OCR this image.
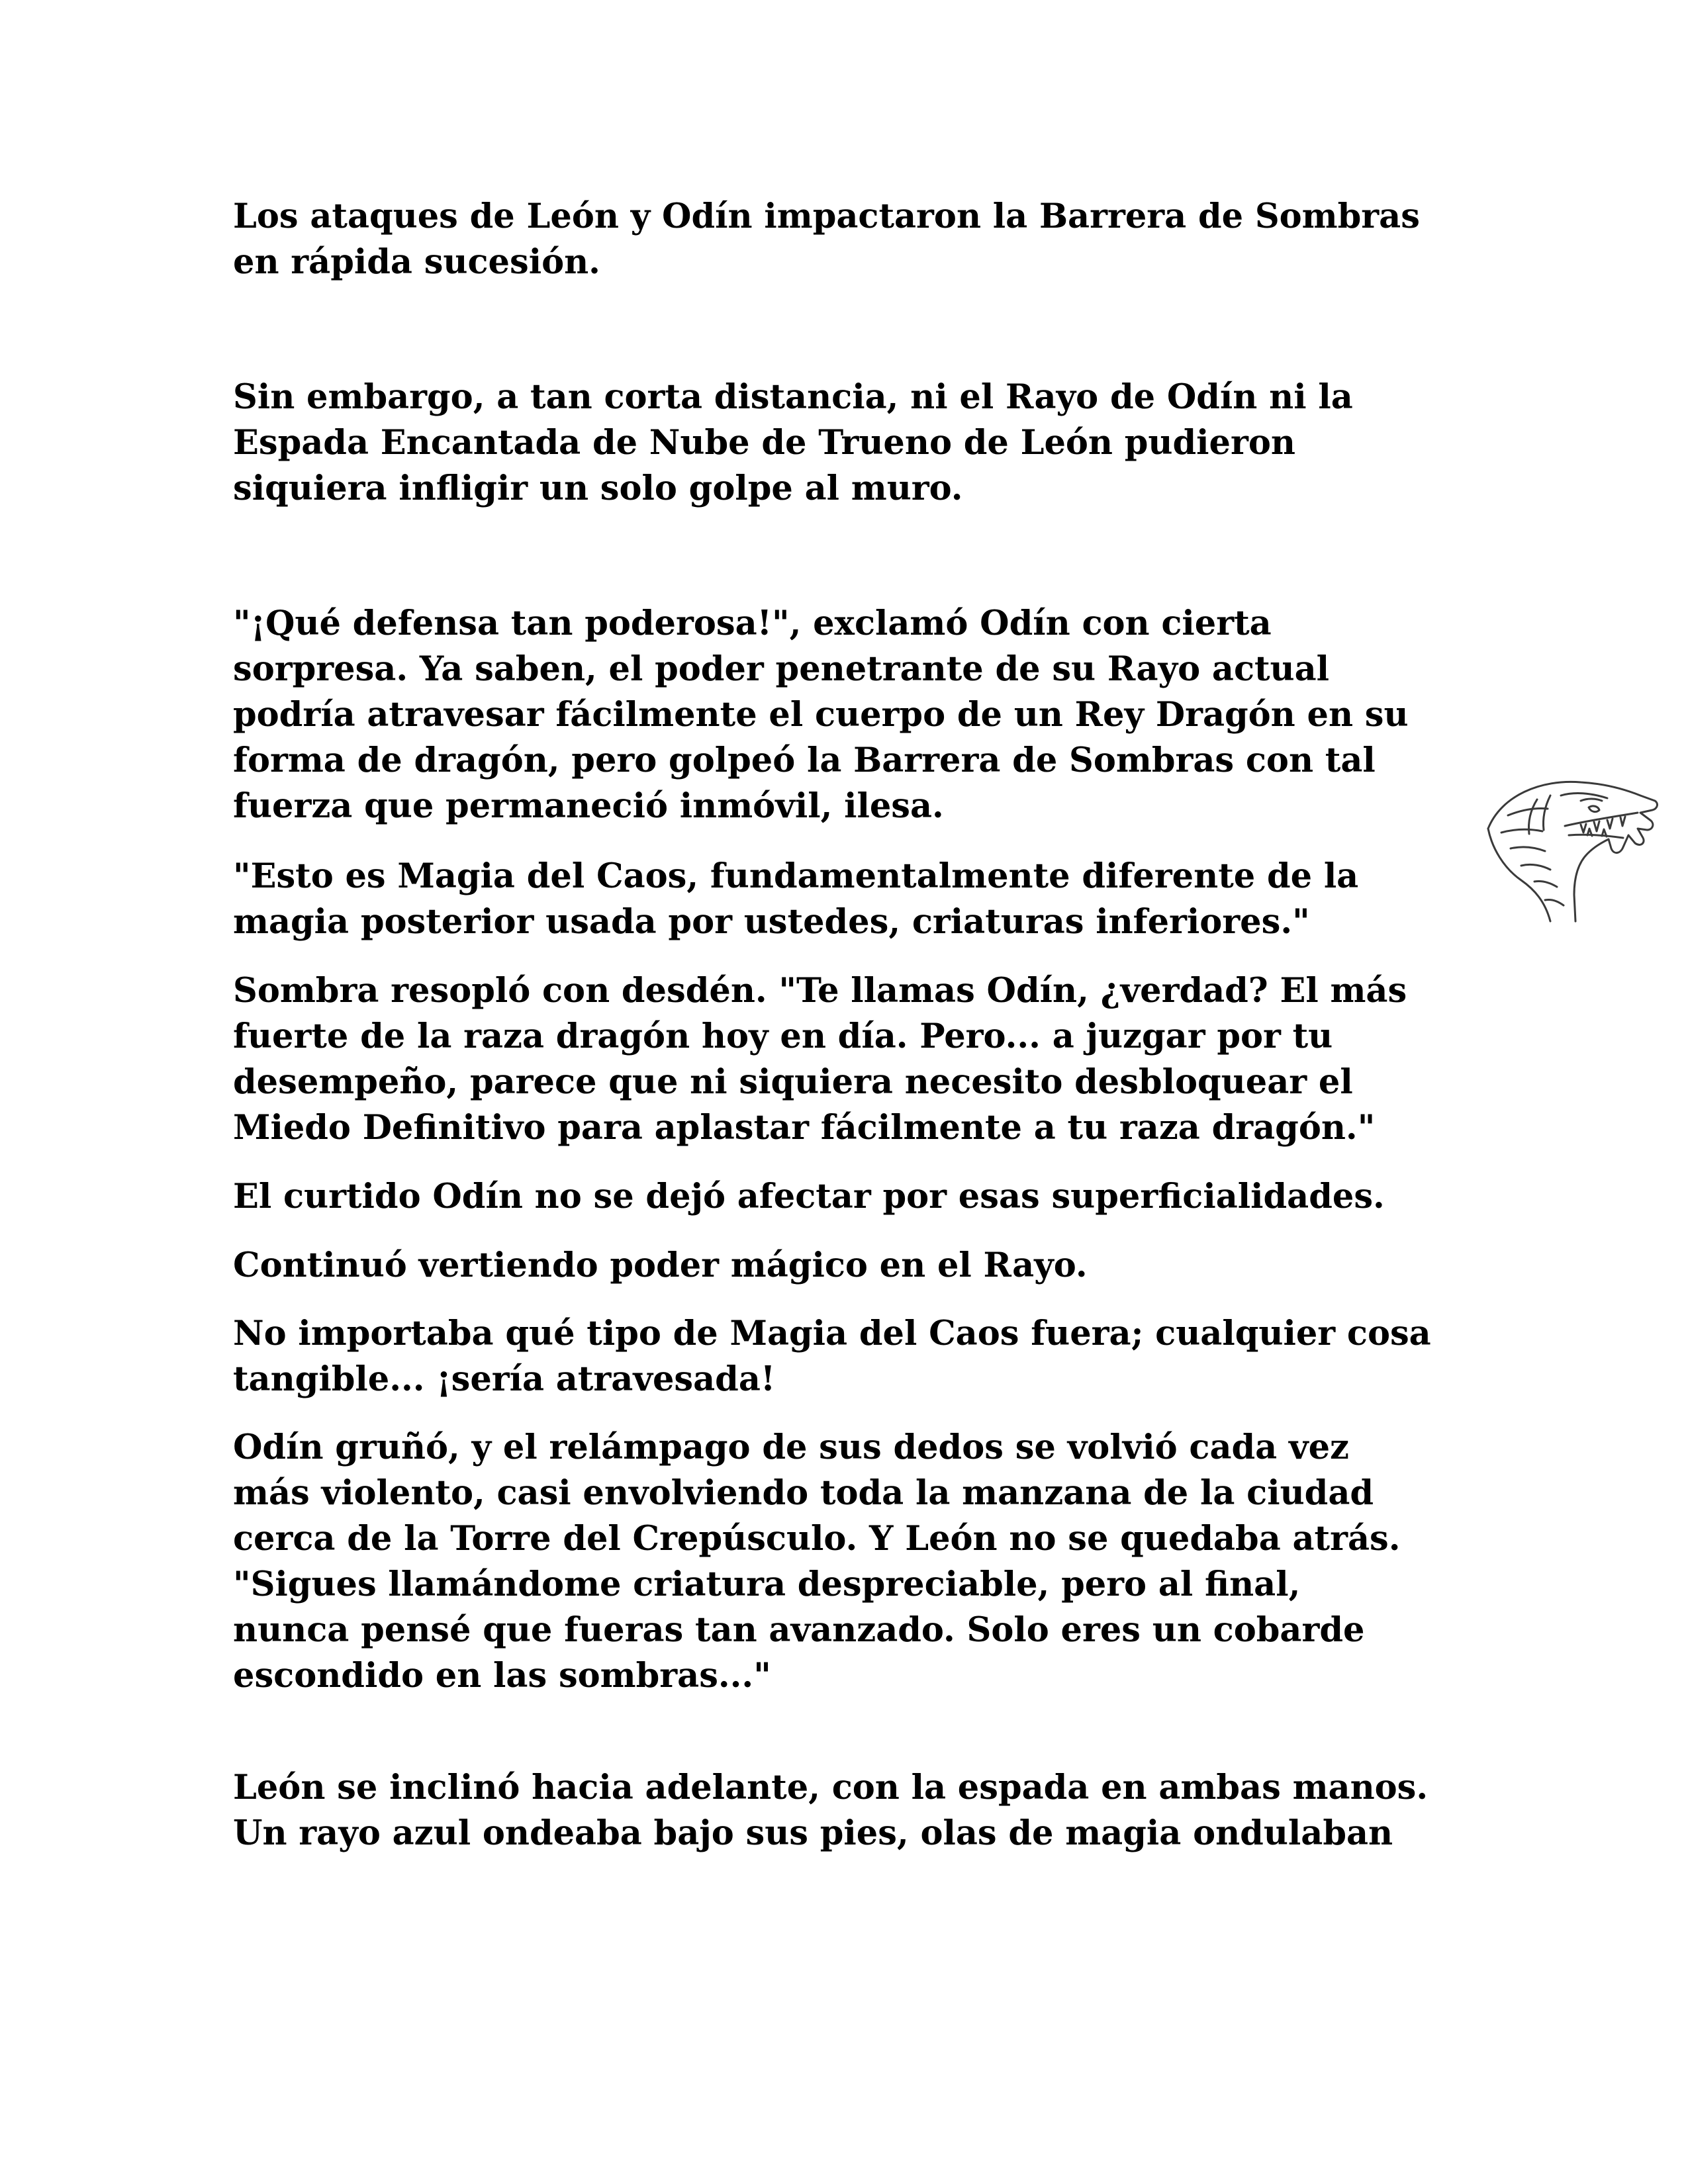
Los ataques de León y Odín impactaron la Barrera de Sombras
en rápida sucesión.
Sin embargo, a tan corta distancia, ni el Rayo de Odín ni la
Espada Encantada de Nube de Trueno de León pudieron
siquiera infligir un solo golpe al muro.
"¡Qué defensa tan poderosa!", exclamó Odín con cierta
sorpresa. Ya saben, el poder penetrante de su Rayo actual
podría atravesar fácilmente el cuerpo de un Rey Dragón en su
forma de dragón, pero golpeó la Barrera de Sombras con tal
fuerza que permaneció inmóvil, ilesa.
"Esto es Magia del Caos, fundamentalmente diferente de la
magia posterior usada por ustedes, criaturas inferiores."
Sombra resopló con desdén. "Te llamas Odín, ¿verdad? El más
fuerte de la raza dragón hoy en día. Pero... a juzgar por tu
desempeño, parece que ni siquiera necesito desbloquear el
Miedo Definitivo para aplastar fácilmente a tu raza dragón."
El curtido Odín no se dejó afectar por esas superficialidades.
Continuó vertiendo poder mágico en el Rayo.
No importaba qué tipo de Magia del Caos fuera; cualquier cosa
tangible... ¡sería atravesada!
Odín gruñó, y el relámpago de sus dedos se volvió cada vez
más violento, casi envolviendo toda la manzana de la ciudad
cerca de la Torre del Crepúsculo. Y León no se quedaba atrás.
"Sigues llamándome criatura despreciable, pero al final,
nunca pensé que fueras tan avanzado. Solo eres un cobarde
escondido en las sombras..."
León se inclinó hacia adelante, con la espada en ambas manos.
Un rayo azul ondeaba bajo sus pies, olas de magia ondulaban
